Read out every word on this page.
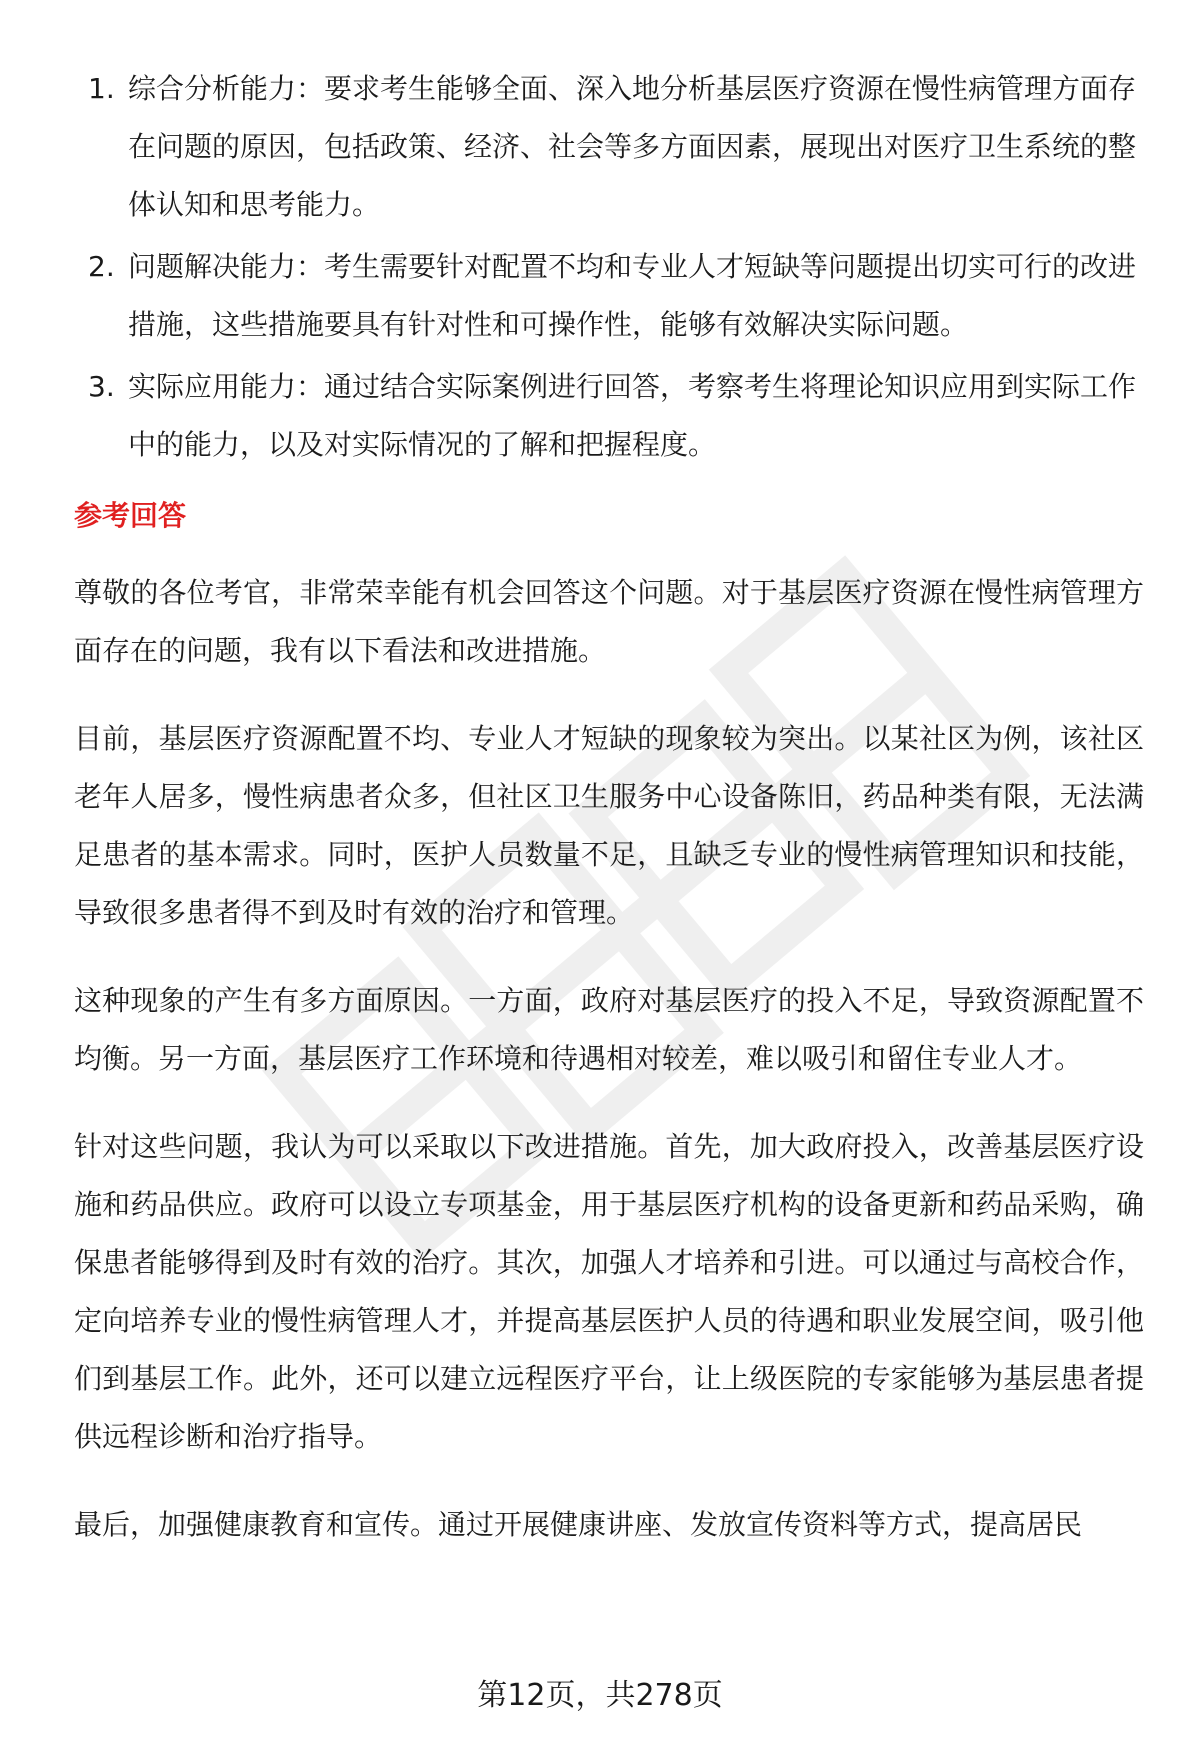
1. 综合分析能力：要求考生能够全面、深入地分析基层医疗资源在慢性病管理方面存在问题的原因，包括政策、经济、社会等多方面因素，展现出对医疗卫生系统的整体认知和思考能力。
2. 问题解决能力：考生需要针对配置不均和专业人才短缺等问题提出切实可行的改进措施，这些措施要具有针对性和可操作性，能够有效解决实际问题。
3. 实际应用能力：通过结合实际案例进行回答，考察考生将理论知识应用到实际工作中的能力，以及对实际情况的了解和把握程度。
参考回答

尊敬的各位考官，非常荣幸能有机会回答这个问题。对于基层医疗资源在慢性病管理方面存在的问题，我有以下看法和改进措施。

目前，基层医疗资源配置不均、专业人才短缺的现象较为突出。以某社区为例，该社区老年人居多，慢性病患者众多，但社区卫生服务中心设备陈旧，药品种类有限，无法满足患者的基本需求。同时，医护人员数量不足，且缺乏专业的慢性病管理知识和技能，导致很多患者得不到及时有效的治疗和管理。

这种现象的产生有多方面原因。一方面，政府对基层医疗的投入不足，导致资源配置不均衡。另一方面，基层医疗工作环境和待遇相对较差，难以吸引和留住专业人才。

针对这些问题，我认为可以采取以下改进措施。首先，加大政府投入，改善基层医疗设施和药品供应。政府可以设立专项基金，用于基层医疗机构的设备更新和药品采购，确保患者能够得到及时有效的治疗。其次，加强人才培养和引进。可以通过与高校合作，定向培养专业的慢性病管理人才，并提高基层医护人员的待遇和职业发展空间，吸引他们到基层工作。此外，还可以建立远程医疗平台，让上级医院的专家能够为基层患者提供远程诊断和治疗指导。

最后，加强健康教育和宣传。通过开展健康讲座、发放宣传资料等方式，提高居民

第12页，共278页
